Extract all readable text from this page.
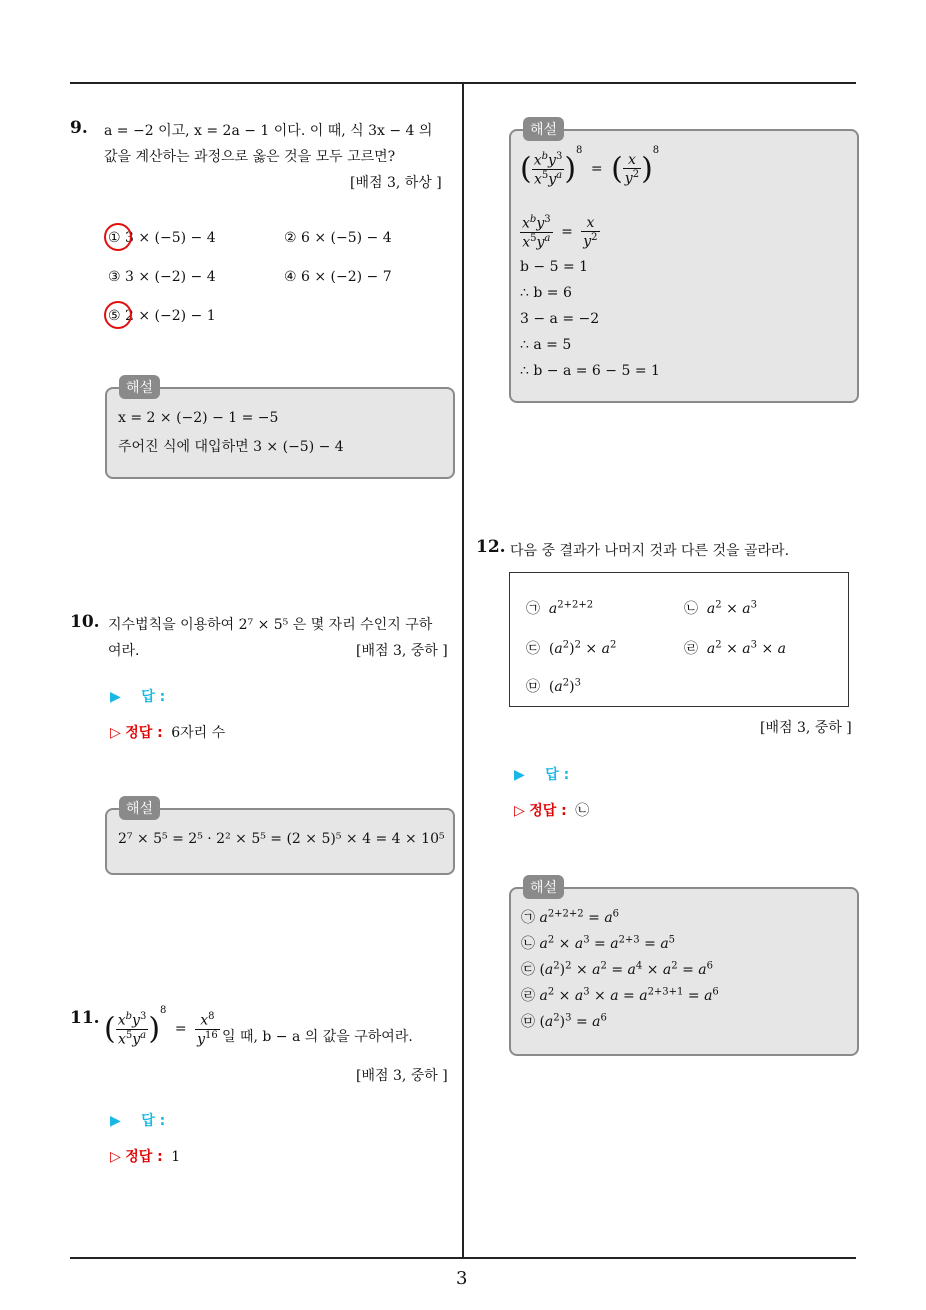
9. a = −2 이고, x = 2a − 1 이다. 이 때, 식 3x − 4 의
값을 계산하는 과정으로 옳은 것을 모두 고르면?
[배점 3, 하상 ]
① 3 × (−5) − 4	② 6 × (−5) − 4
③ 3 × (−2) − 4	④ 6 × (−2) − 7
⑤ 2 × (−2) − 1
해설
x = 2 × (−2) − 1 = −5
주어진 식에 대입하면 3 × (−5) − 4
10. 지수법칙을 이용하여 2⁷ × 5⁵ 은 몇 자리 수인지 구하
여라.	[배점 3, 중하 ]
▶ 답 :
▷ 정답 : 6자리 수
해설
2⁷ × 5⁵ = 2⁵ · 2² × 5⁵ = (2 × 5)⁵ × 4 = 4 × 10⁵
11. ( $\frac{x^by^3}{x^5y^a} )^8 = \frac{x^8}{y^{16}}$ 일 때, b − a 의 값을 구하여라.
[배점 3, 중하 ]
▶ 답 :
▷ 정답 : 1
해설
( $\frac{x^by^3}{x^5y^a} )^8$ = ( $\frac{x}{y^2} )^8$
$\frac{x^by^3}{x^5y^a} = \frac{x}{y^2}$
b − 5 = 1
∴ b = 6
3 − a = −2
∴ a = 5
∴ b − a = 6 − 5 = 1
12. 다음 중 결과가 나머지 것과 다른 것을 골라라.
㉠ $a^{2+2+2}$	㉡ $a^2 \times a^3$
㉢  $(a^2)^2 \times a^2$	㉣ $a^2 \times a^3 \times a$
㉤  $(a^2)^3$
[배점 3, 중하 ]
▶ 답 :
▷ 정답 : ㉡
해설
㉠ $a^{2+2+2} = a^6$
㉡ $a^2 \times a^3 = a^{2+3} = a^5$
㉢ $(a^2)^2 \times a^2 = a^4 \times a^2 = a^6$
㉣ $a^2 \times a^3 \times a = a^{2+3+1} = a^6$
㉤ $(a^2)^3 = a^6$
3
